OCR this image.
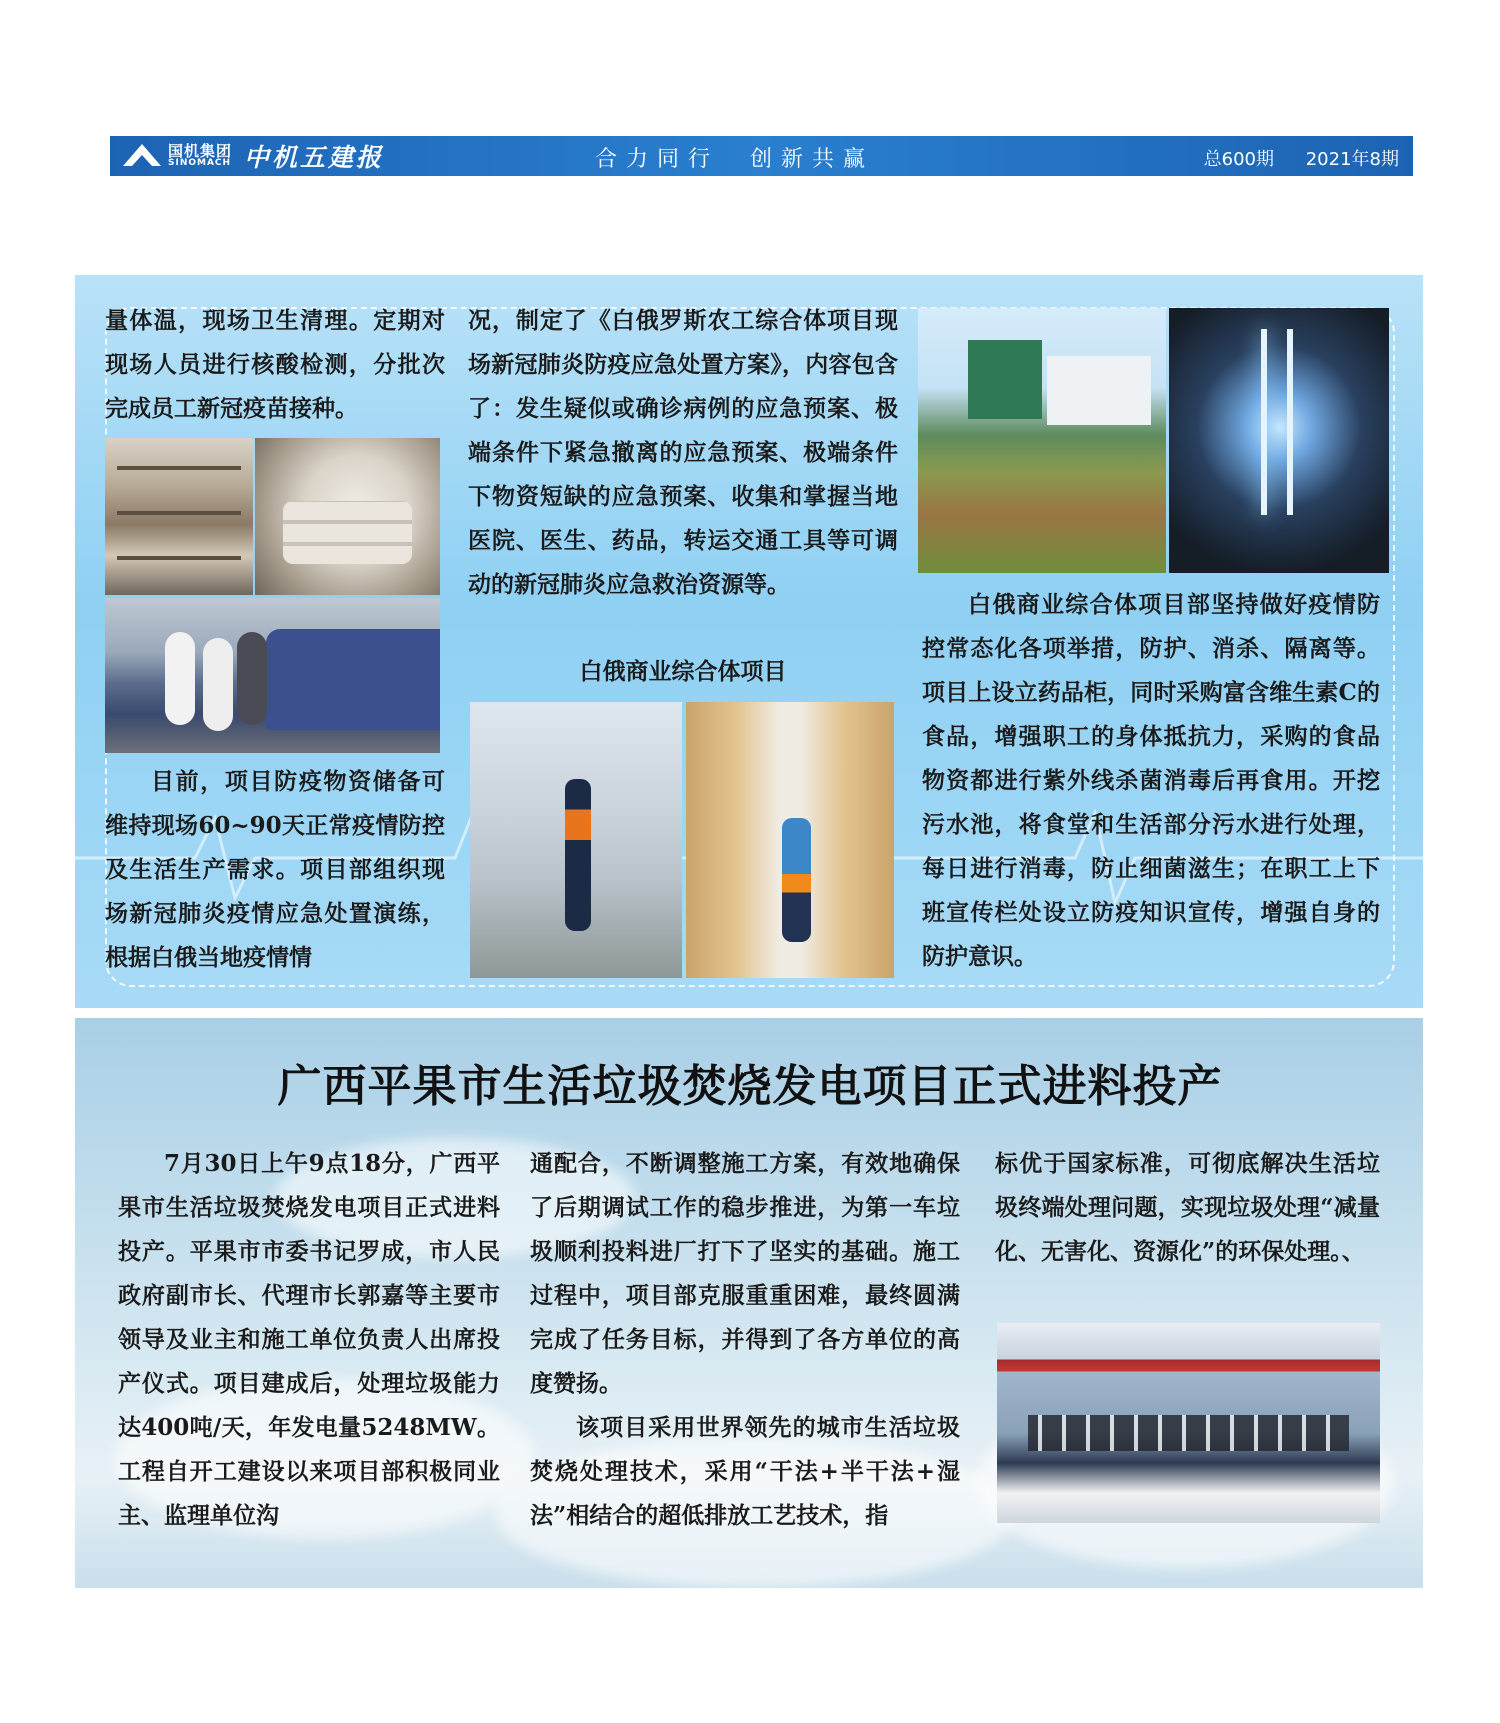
国机集团
SINOMACH 中机五建报	合力同行　创新共赢	总600期 2021年8期

量体温，现场卫生清理。定期对现场人员进行核酸检测，分批次完成员工新冠疫苗接种。

目前，项目防疫物资储备可维持现场60~90天正常疫情防控及生活生产需求。项目部组织现场新冠肺炎疫情应急处置演练，根据白俄当地疫情情

况，制定了《白俄罗斯农工综合体项目现场新冠肺炎防疫应急处置方案》，内容包含了：发生疑似或确诊病例的应急预案、极端条件下紧急撤离的应急预案、极端条件下物资短缺的应急预案、收集和掌握当地医院、医生、药品，转运交通工具等可调动的新冠肺炎应急救治资源等。

白俄商业综合体项目

白俄商业综合体项目部坚持做好疫情防控常态化各项举措，防护、消杀、隔离等。项目上设立药品柜，同时采购富含维生素C的食品，增强职工的身体抵抗力，采购的食品物资都进行紫外线杀菌消毒后再食用。开挖污水池，将食堂和生活部分污水进行处理，每日进行消毒，防止细菌滋生；在职工上下班宣传栏处设立防疫知识宣传，增强自身的防护意识。

广西平果市生活垃圾焚烧发电项目正式进料投产

7月30日上午9点18分，广西平果市生活垃圾焚烧发电项目正式进料投产。平果市市委书记罗成，市人民政府副市长、代理市长郭嘉等主要市领导及业主和施工单位负责人出席投产仪式。项目建成后，处理垃圾能力达400吨/天，年发电量5248MW。工程自开工建设以来项目部积极同业主、监理单位沟

通配合，不断调整施工方案，有效地确保了后期调试工作的稳步推进，为第一车垃圾顺利投料进厂打下了坚实的基础。施工过程中，项目部克服重重困难，最终圆满完成了任务目标，并得到了各方单位的高度赞扬。

该项目采用世界领先的城市生活垃圾焚烧处理技术，采用“干法+半干法+湿法”相结合的超低排放工艺技术，指

标优于国家标准，可彻底解决生活垃圾终端处理问题，实现垃圾处理“减量化、无害化、资源化”的环保处理。、
